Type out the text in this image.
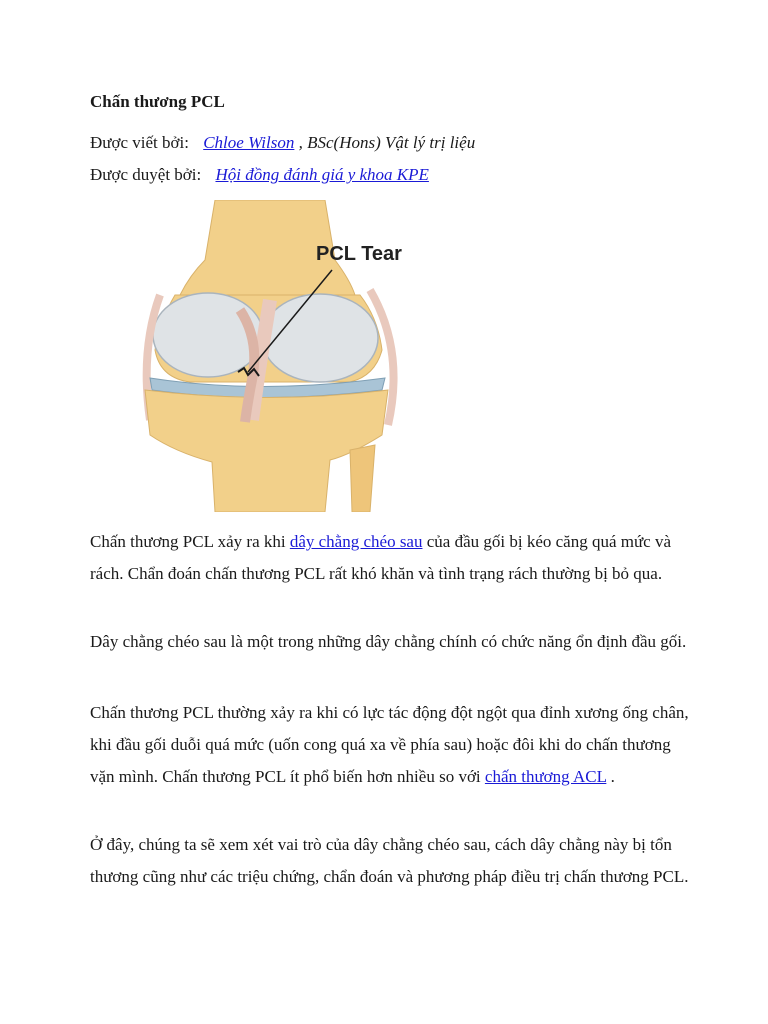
Chấn thương PCL
Được viết bởi: Chloe Wilson , BSc(Hons) Vật lý trị liệu
Được duyệt bởi: Hội đồng đánh giá y khoa KPE
PCL Tear

Chấn thương PCL xảy ra khi dây chằng chéo sau của đầu gối bị kéo căng quá mức và rách. Chẩn đoán chấn thương PCL rất khó khăn và tình trạng rách thường bị bỏ qua.

Dây chằng chéo sau là một trong những dây chằng chính có chức năng ổn định đầu gối.

Chấn thương PCL thường xảy ra khi có lực tác động đột ngột qua đỉnh xương ống chân, khi đầu gối duỗi quá mức (uốn cong quá xa về phía sau) hoặc đôi khi do chấn thương vặn mình. Chấn thương PCL ít phổ biến hơn nhiều so với chấn thương ACL .

Ở đây, chúng ta sẽ xem xét vai trò của dây chằng chéo sau, cách dây chằng này bị tổn thương cũng như các triệu chứng, chẩn đoán và phương pháp điều trị chấn thương PCL.
